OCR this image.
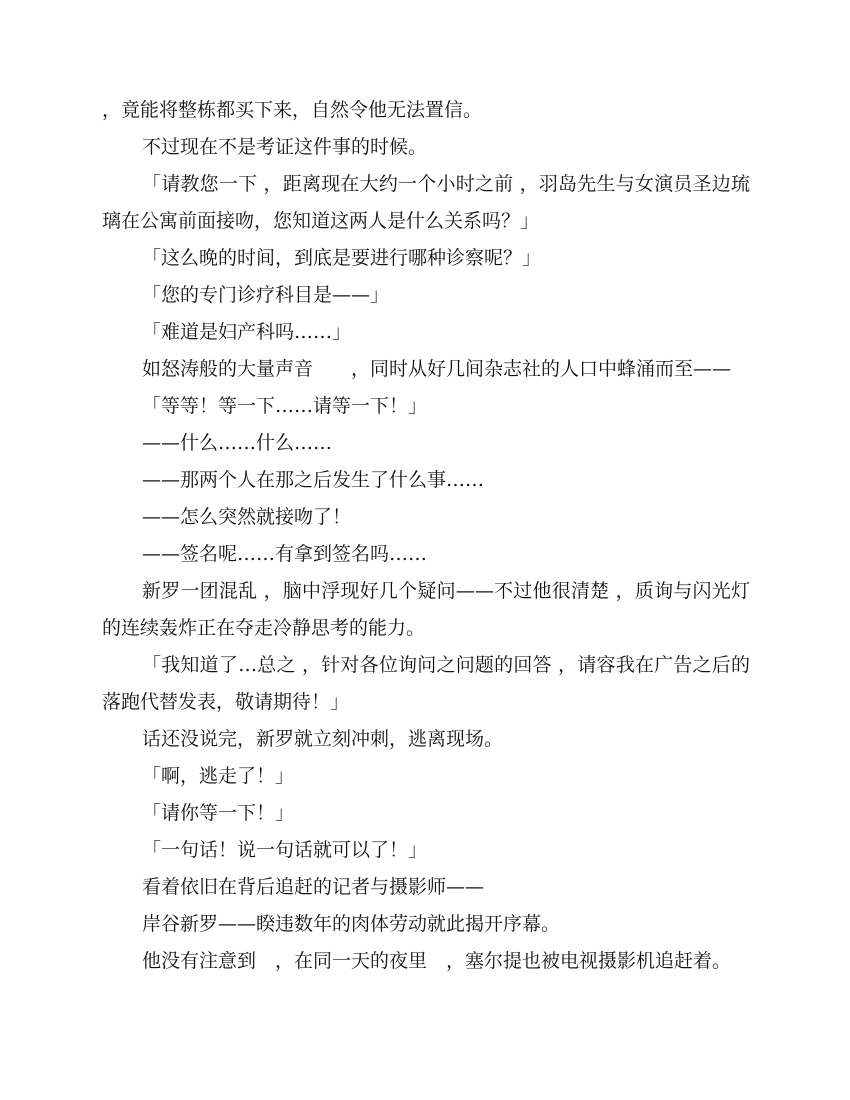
，竟能将整栋都买下来，自然令他无法置信。

不过现在不是考证这件事的时候。

「请教您一下 ，距离现在大约一个小时之前 ，羽岛先生与女演员圣边琉璃在公寓前面接吻，您知道这两人是什么关系吗？」

「这么晚的时间，到底是要进行哪种诊察呢？」

「您的专门诊疗科目是——」

「难道是妇产科吗……」

如怒涛般的大量声音　　，同时从好几间杂志社的人口中蜂涌而至——

「等等！等一下……请等一下！」

——什么……什么……

——那两个人在那之后发生了什么事……

——怎么突然就接吻了！

——签名呢……有拿到签名吗……

新罗一团混乱 ，脑中浮现好几个疑问——不过他很清楚 ，质询与闪光灯的连续轰炸正在夺走冷静思考的能力。

「我知道了…总之 ，针对各位询问之问题的回答 ，请容我在广告之后的落跑代替发表，敬请期待！」

话还没说完，新罗就立刻冲刺，逃离现场。

「啊，逃走了！」

「请你等一下！」

「一句话！说一句话就可以了！」

看着依旧在背后追赶的记者与摄影师——

岸谷新罗——睽违数年的肉体劳动就此揭开序幕。

他没有注意到　，在同一天的夜里　，塞尔提也被电视摄影机追赶着。
